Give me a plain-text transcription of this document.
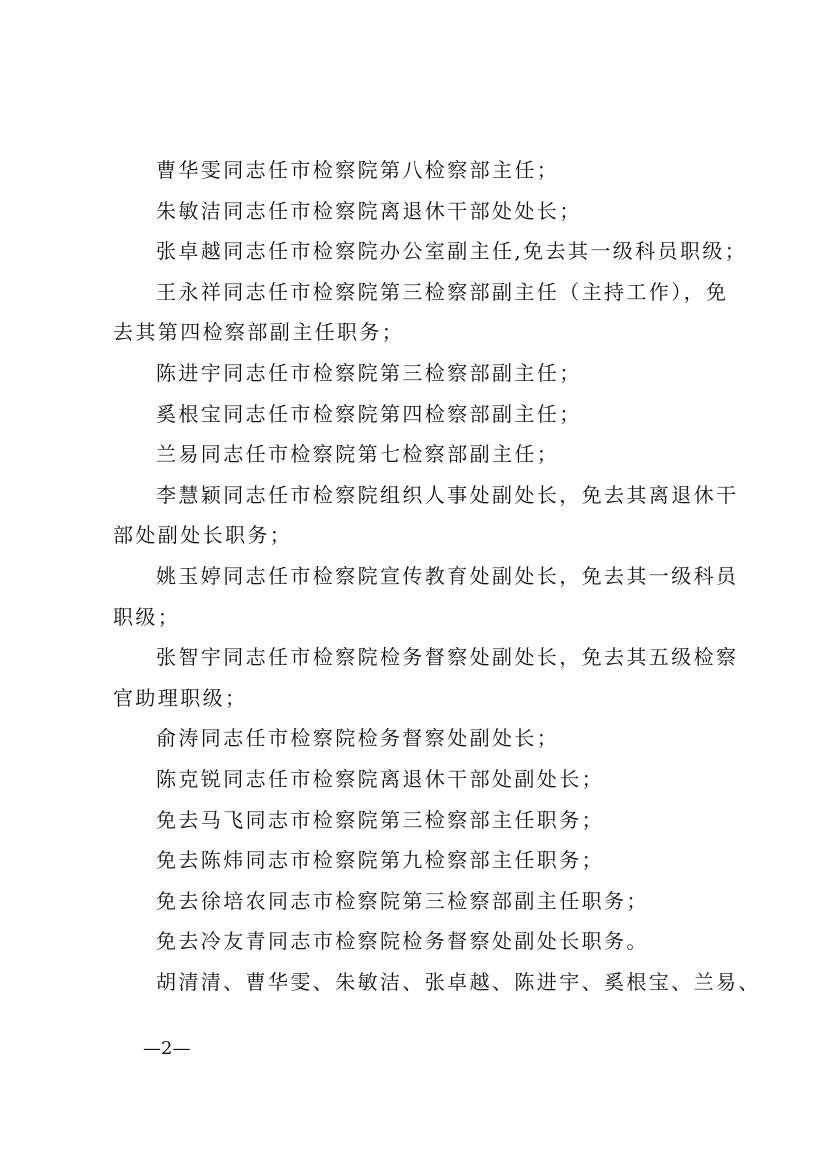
曹华雯同志任市检察院第八检察部主任；
朱敏洁同志任市检察院离退休干部处处长；
张卓越同志任市检察院办公室副主任,免去其一级科员职级；
王永祥同志任市检察院第三检察部副主任（主持工作），免
去其第四检察部副主任职务；
陈进宇同志任市检察院第三检察部副主任；
奚根宝同志任市检察院第四检察部副主任；
兰易同志任市检察院第七检察部副主任；
李慧颖同志任市检察院组织人事处副处长，免去其离退休干
部处副处长职务；
姚玉婷同志任市检察院宣传教育处副处长，免去其一级科员
职级；
张智宇同志任市检察院检务督察处副处长，免去其五级检察
官助理职级；
俞涛同志任市检察院检务督察处副处长；
陈克锐同志任市检察院离退休干部处副处长；
免去马飞同志市检察院第三检察部主任职务；
免去陈炜同志市检察院第九检察部主任职务；
免去徐培农同志市检察院第三检察部副主任职务；
免去冷友青同志市检察院检务督察处副处长职务。
胡清清、曹华雯、朱敏洁、张卓越、陈进宇、奚根宝、兰易、
—2—
